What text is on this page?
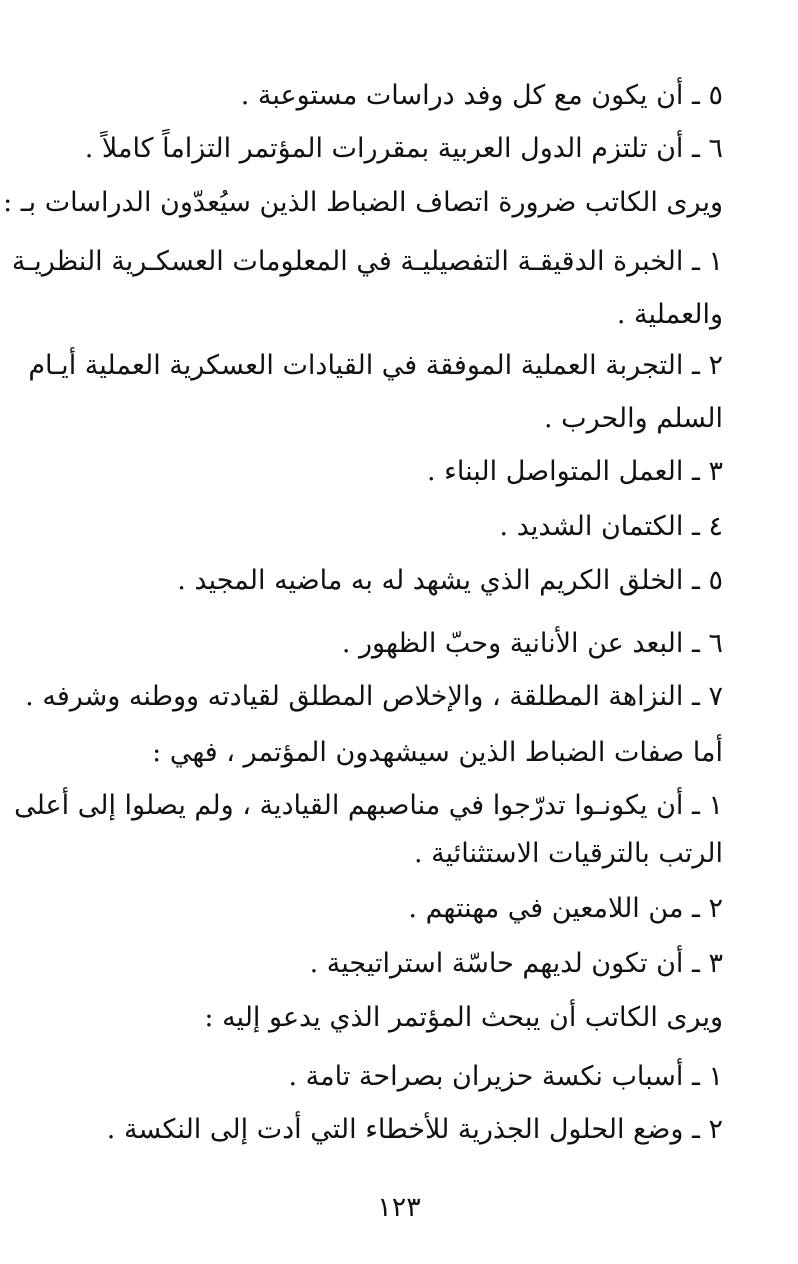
٥ ـ أن يكون مع كل وفد دراسات مستوعبة .
٦ ـ أن تلتزم الدول العربية بمقررات المؤتمر التزاماً كاملاً .
ويرى الكاتب ضرورة اتصاف الضباط الذين سيُعدّون الدراسات بـ :
١ ـ الخبرة الدقيقـة التفصيليـة في المعلومات العسكـرية النظريـة
والعملية .
٢ ـ التجربة العملية الموفقة في القيادات العسكرية العملية أيـام
السلم والحرب .
٣ ـ العمل المتواصل البناء .
٤ ـ الكتمان الشديد .
٥ ـ الخلق الكريم الذي يشهد له به ماضيه المجيد .
٦ ـ البعد عن الأنانية وحبّ الظهور .
٧ ـ النزاهة المطلقة ، والإخلاص المطلق لقيادته ووطنه وشرفه .
أما صفات الضباط الذين سيشهدون المؤتمر ، فهي :
١ ـ أن يكونـوا تدرّجوا في مناصبهم القيادية ، ولم يصلوا إلى أعلى
الرتب بالترقيات الاستثنائية .
٢ ـ من اللامعين في مهنتهم .
٣ ـ أن تكون لديهم حاسّة استراتيجية .
ويرى الكاتب أن يبحث المؤتمر الذي يدعو إليه :
١ ـ أسباب نكسة حزيران بصراحة تامة .
٢ ـ وضع الحلول الجذرية للأخطاء التي أدت إلى النكسة .
١٢٣
